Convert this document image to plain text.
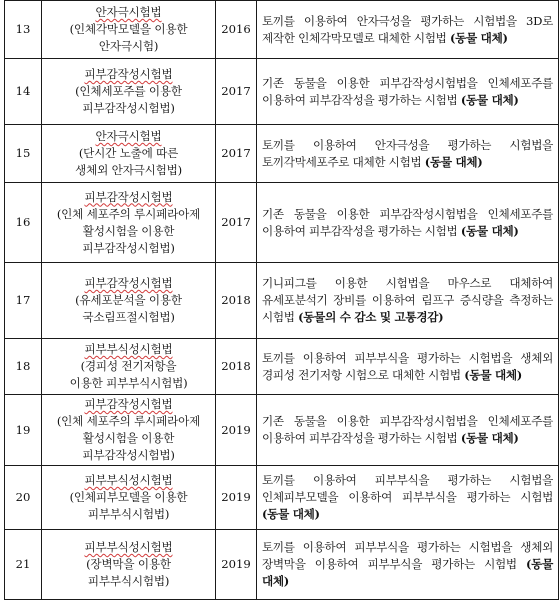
13	안자극시험법
(인체각막모델을 이용한
안자극시험)	2016	토끼를 이용하여 안자극성을 평가하는 시험법을 3D로 제작한 인체각막모델로 대체한 시험법 (동물 대체)
14	피부감작성시험법
(인체세포주를 이용한
피부감작성시험법)	2017	기존 동물을 이용한 피부감작성시험법을 인체세포주를 이용하여 피부감작성을 평가하는 시험법 (동물 대체)
15	안자극시험법
(단시간 노출에 따른
생체외 안자극시험법)	2017	토끼를 이용하여 안자극성을 평가하는 시험법을 토끼각막세포주로 대체한 시험법 (동물 대체)
16	피부감작성시험법
(인체 세포주의 루시페라아제
활성시험을 이용한
피부감작성시험법)	2017	기존 동물을 이용한 피부감작성시험법을 인체세포주를 이용하여 피부감작성을 평가하는 시험법 (동물 대체)
17	피부감작성시험법
(유세포분석을 이용한
국소림프절시험법)	2018	기니피그를 이용한 시험법을 마우스로 대체하여 유세포분석기 장비를 이용하여 림프구 증식량을 측정하는 시험법 (동물의 수 감소 및 고통경감)
18	피부부식성시험법
(경피성 전기저항을
이용한 피부부식시험법)	2018	토끼를 이용하여 피부부식을 평가하는 시험법을 생체외 경피성 전기저항 시험으로 대체한 시험법 (동물 대체)
19	피부감작성시험법
(인체 세포주의 루시페라아제
활성시험을 이용한
피부감작성시험법)	2019	기존 동물을 이용한 피부감작성시험법을 인체세포주를 이용하여 피부감작성을 평가하는 시험법 (동물 대체)
20	피부부식성시험법
(인체피부모델을 이용한
피부부식시험법)	2019	토끼를 이용하여 피부부식을 평가하는 시험법을 인체피부모델을 이용하여 피부부식을 평가하는 시험법 (동물 대체)
21	피부부식성시험법
(장벽막을 이용한
피부부식시험법)	2019	토끼를 이용하여 피부부식을 평가하는 시험법을 생체외 장벽막을 이용하여 피부부식을 평가하는 시험법 (동물 대체)
